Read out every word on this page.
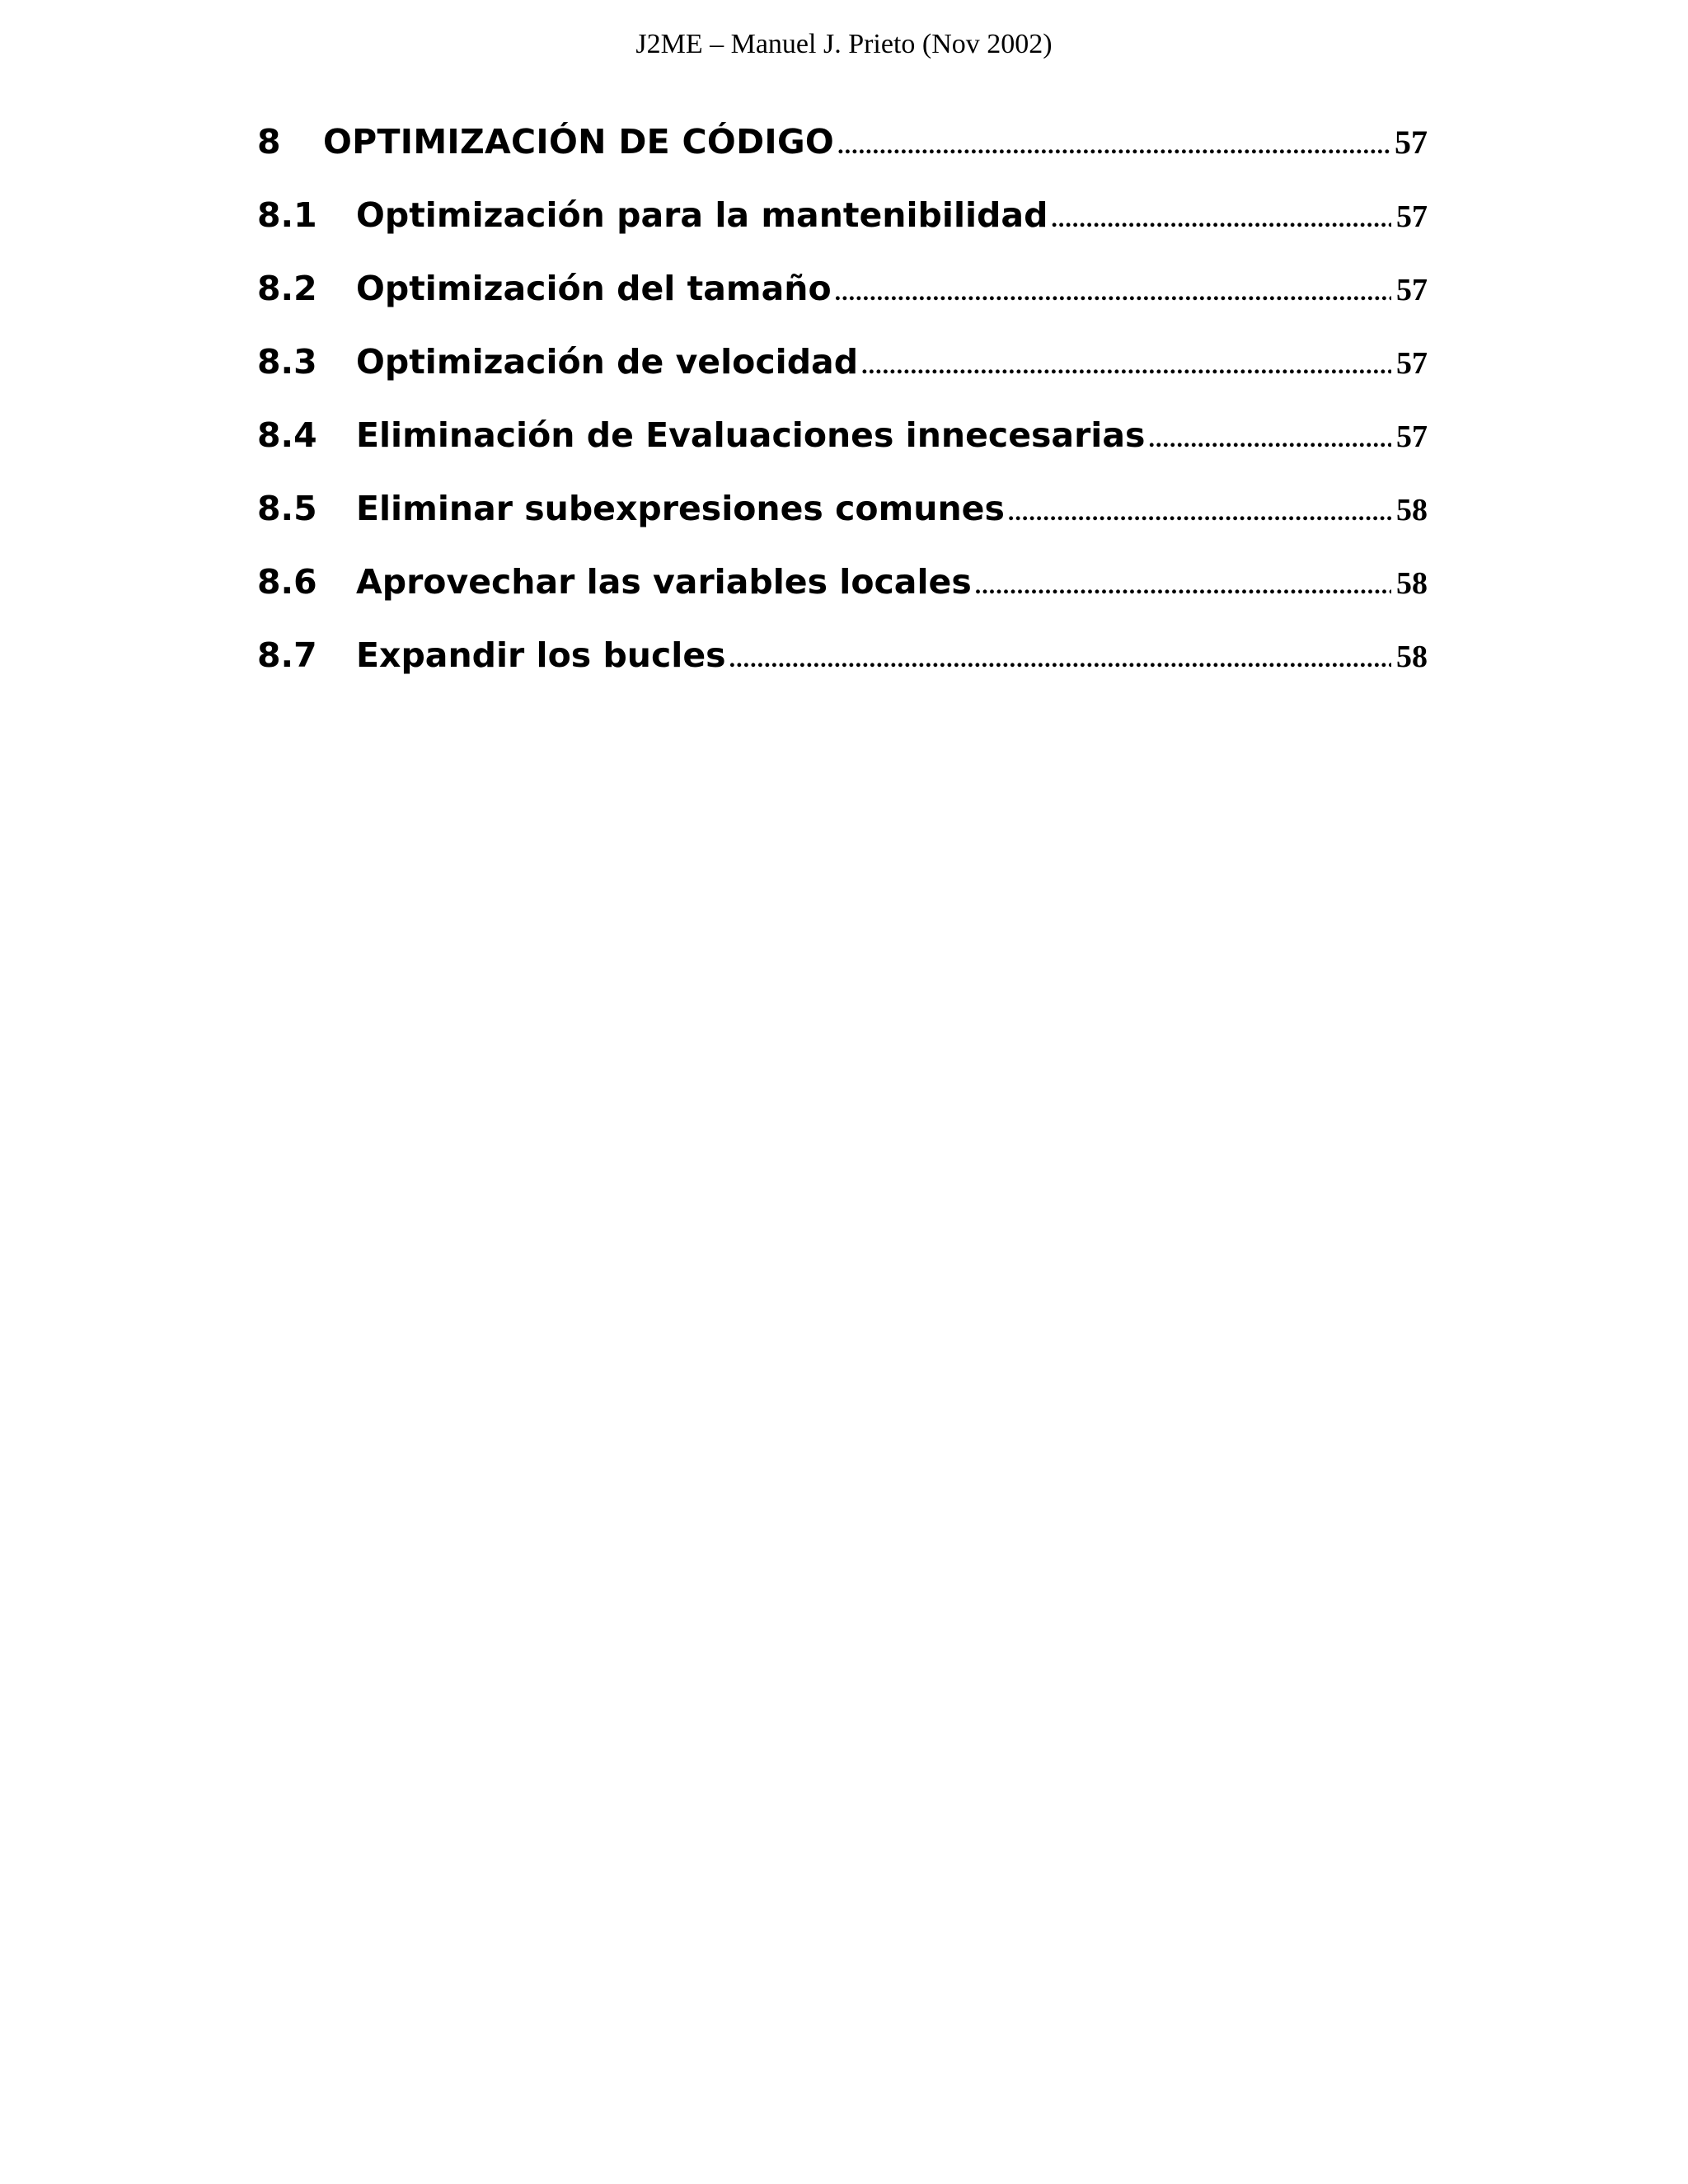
J2ME – Manuel J. Prieto (Nov 2002)
8	OPTIMIZACIÓN DE CÓDIGO .....	57
8.1	Optimización para la mantenibilidad .....	57
8.2	Optimización del tamaño .....	57
8.3	Optimización de velocidad .....	57
8.4	Eliminación de Evaluaciones innecesarias .....	57
8.5	Eliminar subexpresiones comunes .....	58
8.6	Aprovechar las variables locales .....	58
8.7	Expandir los bucles .....	58
